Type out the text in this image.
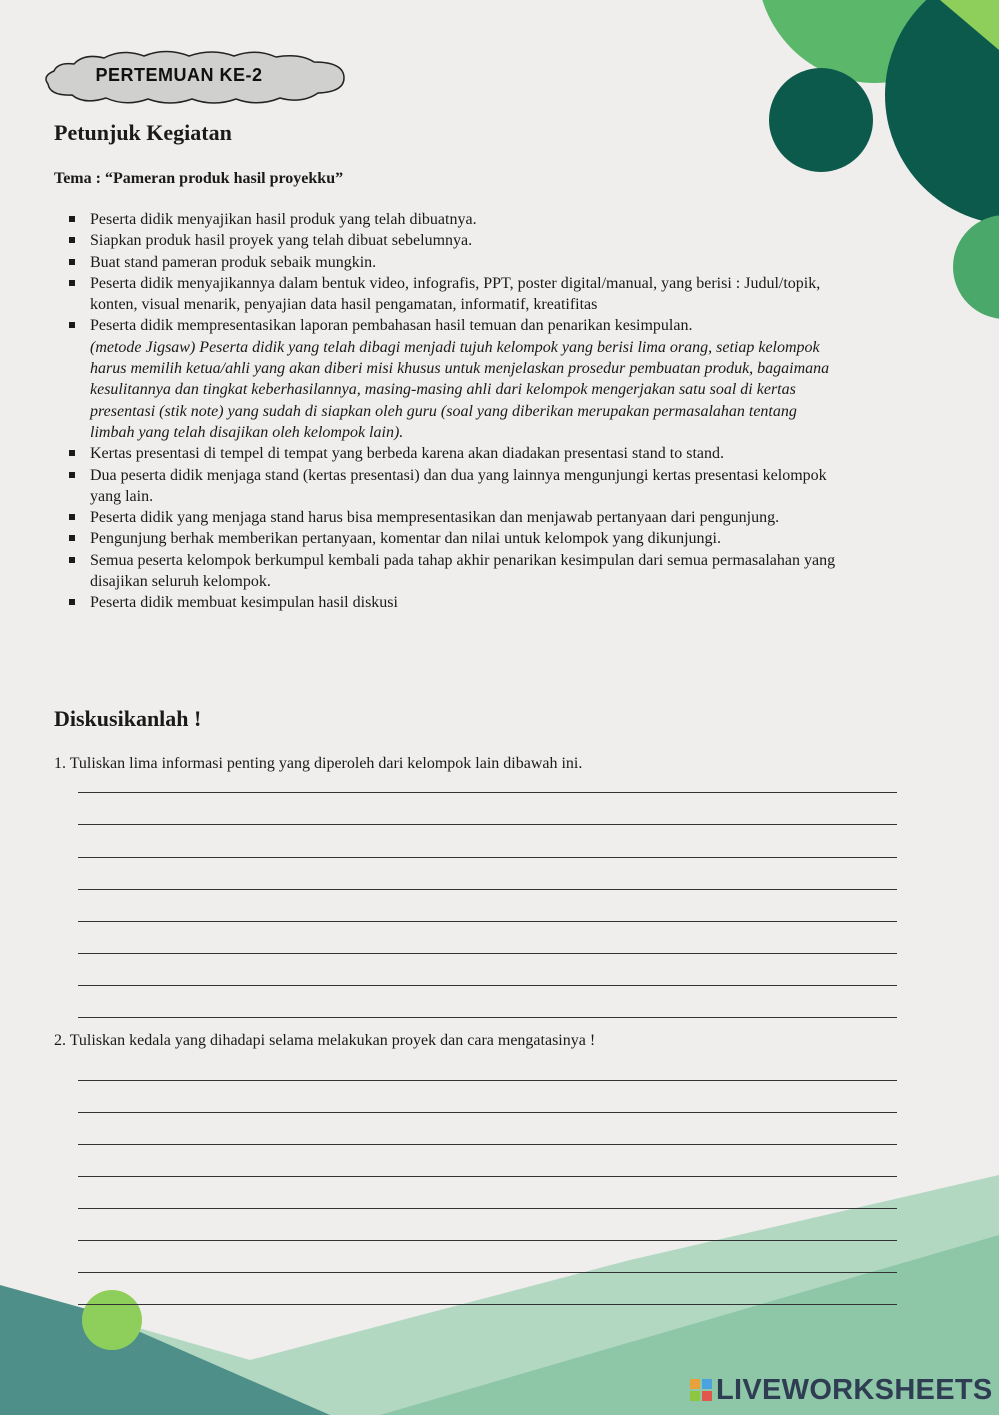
PERTEMUAN KE-2
Petunjuk Kegiatan
Tema : “Pameran produk hasil proyekku”
Peserta didik menyajikan hasil produk yang telah dibuatnya.
Siapkan produk hasil proyek yang telah dibuat sebelumnya.
Buat stand pameran produk sebaik mungkin.
Peserta didik menyajikannya dalam bentuk video, infografis, PPT, poster digital/manual, yang berisi : Judul/topik, konten, visual menarik, penyajian data hasil pengamatan, informatif, kreatifitas
Peserta didik mempresentasikan laporan pembahasan hasil temuan dan penarikan kesimpulan.
(metode Jigsaw) Peserta didik yang telah dibagi menjadi tujuh kelompok yang berisi lima orang, setiap kelompok harus memilih ketua/ahli yang akan diberi misi khusus untuk menjelaskan prosedur pembuatan produk, bagaimana kesulitannya dan tingkat keberhasilannya, masing-masing ahli dari kelompok mengerjakan satu soal di kertas presentasi (stik note) yang sudah di siapkan oleh guru (soal yang diberikan merupakan permasalahan tentang limbah yang telah disajikan oleh kelompok lain).
Kertas presentasi di tempel di tempat yang berbeda karena akan diadakan presentasi stand to stand.
Dua peserta didik menjaga stand (kertas presentasi) dan dua yang lainnya mengunjungi kertas presentasi kelompok yang lain.
Peserta didik yang menjaga stand harus bisa mempresentasikan dan menjawab pertanyaan dari pengunjung.
Pengunjung berhak memberikan pertanyaan, komentar dan nilai untuk kelompok yang dikunjungi.
Semua peserta kelompok berkumpul kembali pada tahap akhir penarikan kesimpulan dari semua permasalahan yang disajikan seluruh kelompok.
Peserta didik membuat kesimpulan hasil diskusi
Diskusikanlah !
1. Tuliskan lima informasi penting yang diperoleh dari kelompok lain dibawah ini.
2. Tuliskan kedala yang dihadapi selama melakukan proyek dan cara mengatasinya !
LIVEWORKSHEETS
